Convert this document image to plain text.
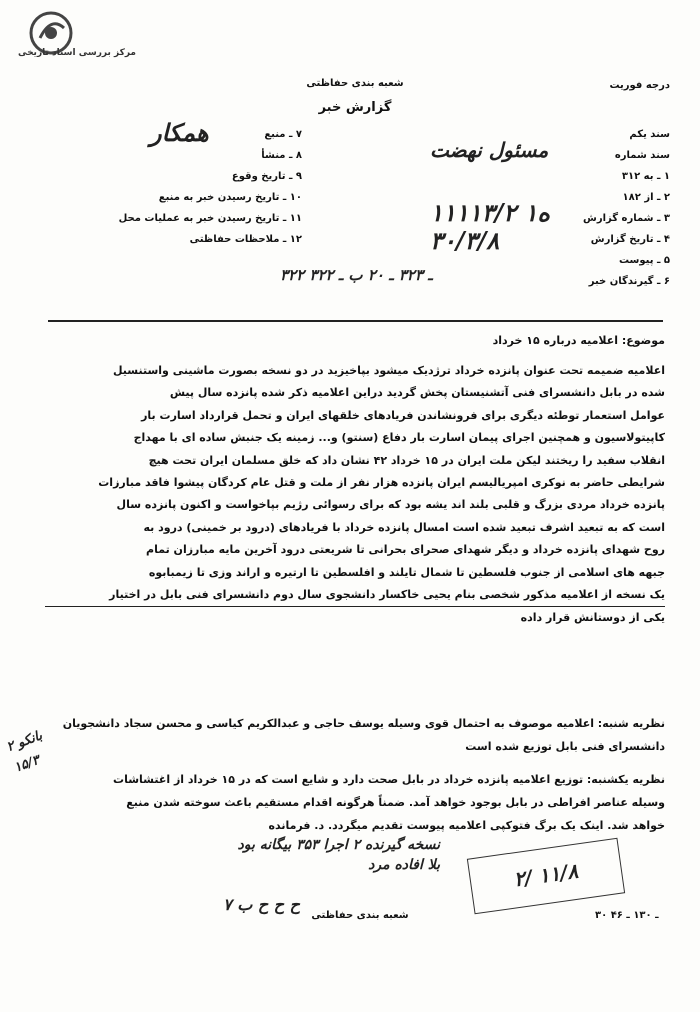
مرکز بررسی اسناد تاریخی
درجه فوریت
شعبه بندی حفاظتی
گزارش خبر
۷ ـ منبع
۸ ـ منشأ
۹ ـ تاریخ وقوع
۱۰ ـ تاریخ رسیدن خبر به منبع
۱۱ ـ تاریخ رسیدن خبر به عملیات محل
۱۲ ـ ملاحظات حفاظتی
سند یکم
سند شماره
۱ ـ به ۳۱۲
۲ ـ از ۱۸۲
۳ ـ شماره گزارش
۴ ـ تاریخ گزارش
۵ ـ پیوست
۶ ـ گیرندگان خبر
همکار
مسئول نهضت
۱۱۱۱۳/۲ ه۱
۳۰/۳/۸
۳۲۲ ـ ۳۲۳ ـ ۲۰ ب ـ ۳۲۲
موضوع: اعلامیه درباره ۱۵ خرداد

اعلامیه ضمیمه تحت عنوان پانزده خرداد ترژدیک میشود بپاخیزید در دو نسخه بصورت ماشینی واستنسیل

شده در بابل دانشسرای فنی آتشنیستان پخش گردید دراین اعلامیه ذکر شده پانزده سال پیش

عوامل استعمار توطئه دیگری برای فرونشاندن فریادهای خلقهای ایران و تحمل قرارداد اسارت بار

کاپیتولاسیون و همچنین اجرای پیمان اسارت بار دفاع (سنتو) و... زمینه یک جنبش ساده ای با مهداج

انقلاب سفید را ریختند لیکن ملت ایران در ۱۵ خرداد ۴۲ نشان داد که خلق مسلمان ایران تحت هیچ

شرایطی حاضر به نوکری امپریالیسم ایران پانزده هزار نفر از ملت و قتل عام کردگان پیشوا فاقد مبارزات

پانزده خرداد مردی بزرگ و قلبی بلند اند یشه بود که برای رسوائی رژیم بپاخواست و اکنون پانزده سال

است که به تبعید اشرف تبعید شده است امسال پانزده خرداد با فریادهای (درود بر خمینی) درود به

روح شهدای پانزده خرداد و دیگر شهدای صحرای بحرانی تا شریعتی درود آخرین مایه مبارزان تمام

جبهه های اسلامی از جنوب فلسطین تا شمال تایلند و افلسطین تا ارتیره و اراند وزی تا زیمبابوه

یک نسخه از اعلامیه مذکور شخصی بنام یحیی خاکسار دانشجوی سال دوم دانشسرای فنی بابل در اختیار

یکی از دوستانش قرار داده

نظریه شنبه: اعلامیه موصوف به احتمال قوی وسیله یوسف حاجی و عبدالکریم کیاسی و محسن سجاد دانشجویان

دانشسرای فنی بابل توزیع شده است

نظریه یکشنبه: توزیع اعلامیه پانزده خرداد در بابل صحت دارد و شایع است که در ۱۵ خرداد از اغتشاشات

وسیله عناصر افراطی در بابل بوجود خواهد آمد. ضمناً هرگونه اقدام مستقیم باعث سوخته شدن منبع

خواهد شد. اینک یک برگ فتوکپی اعلامیه پیوست تقدیم میگردد. د. فرمانده

بانکو ۲ ۱۵/۳
۲/ ۱۱/۸
نسخه گیرنده ۲ اجرا ۳۵۳ بیگانه بود
بلا افاده مرد
ح ح ح ب ۷
شعبه بندی حفاظتی	۳۰ ـ ۱۳۰ ـ ۴۶
